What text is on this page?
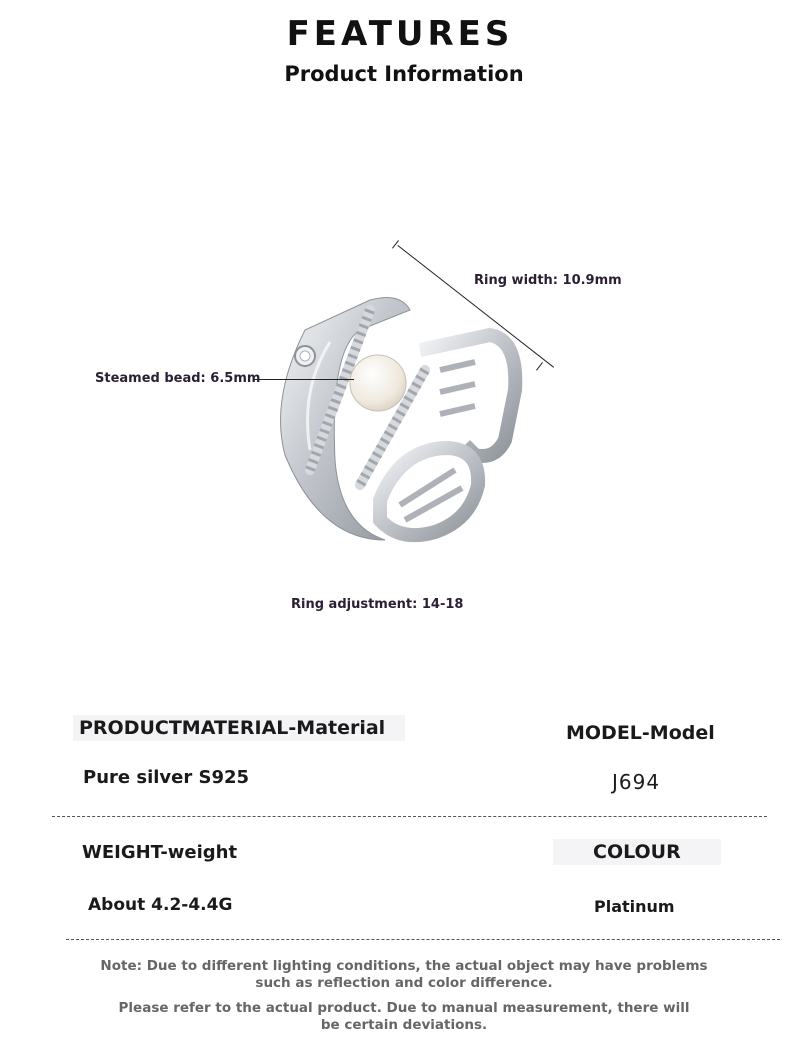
FEATURES
Product Information
Ring width: 10.9mm
Steamed bead: 6.5mm
Ring adjustment: 14-18
PRODUCTMATERIAL-Material	MODEL-Model
Pure silver S925	J694
WEIGHT-weight	COLOUR
About 4.2-4.4G	Platinum
Note: Due to different lighting conditions, the actual object may have problems
such as reflection and color difference.
Please refer to the actual product. Due to manual measurement, there will
be certain deviations.
